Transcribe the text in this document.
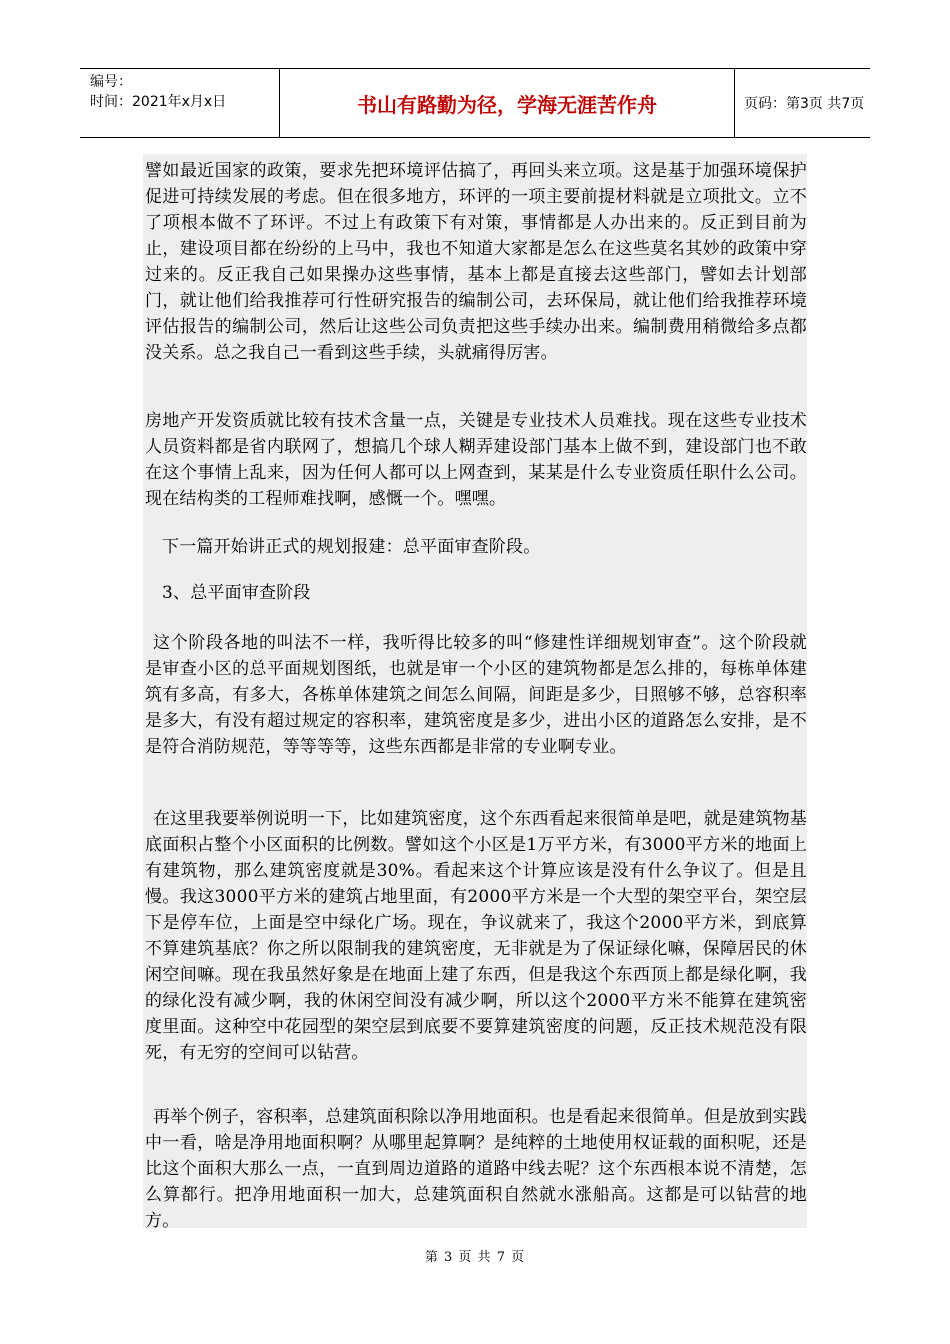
编号：
时间：2021年x月x日	书山有路勤为径，学海无涯苦作舟	页码：第3页 共7页

譬如最近国家的政策，要求先把环境评估搞了，再回头来立项。这是基于加强环境保护促进可持续发展的考虑。但在很多地方，环评的一项主要前提材料就是立项批文。立不了项根本做不了环评。不过上有政策下有对策，事情都是人办出来的。反正到目前为止，建设项目都在纷纷的上马中，我也不知道大家都是怎么在这些莫名其妙的政策中穿过来的。反正我自己如果操办这些事情，基本上都是直接去这些部门，譬如去计划部门，就让他们给我推荐可行性研究报告的编制公司，去环保局，就让他们给我推荐环境评估报告的编制公司，然后让这些公司负责把这些手续办出来。编制费用稍微给多点都没关系。总之我自己一看到这些手续，头就痛得厉害。

房地产开发资质就比较有技术含量一点，关键是专业技术人员难找。现在这些专业技术人员资料都是省内联网了，想搞几个球人糊弄建设部门基本上做不到，建设部门也不敢在这个事情上乱来，因为任何人都可以上网查到，某某是什么专业资质任职什么公司。现在结构类的工程师难找啊，感慨一个。嘿嘿。

下一篇开始讲正式的规划报建：总平面审查阶段。

3、总平面审查阶段

这个阶段各地的叫法不一样，我听得比较多的叫“修建性详细规划审查”。这个阶段就是审查小区的总平面规划图纸，也就是审一个小区的建筑物都是怎么排的，每栋单体建筑有多高，有多大，各栋单体建筑之间怎么间隔，间距是多少，日照够不够，总容积率是多大，有没有超过规定的容积率，建筑密度是多少，进出小区的道路怎么安排，是不是符合消防规范，等等等等，这些东西都是非常的专业啊专业。

在这里我要举例说明一下，比如建筑密度，这个东西看起来很简单是吧，就是建筑物基底面积占整个小区面积的比例数。譬如这个小区是1万平方米，有3000平方米的地面上有建筑物，那么建筑密度就是30%。看起来这个计算应该是没有什么争议了。但是且慢。我这3000平方米的建筑占地里面，有2000平方米是一个大型的架空平台，架空层下是停车位，上面是空中绿化广场。现在，争议就来了，我这个2000平方米，到底算不算建筑基底？你之所以限制我的建筑密度，无非就是为了保证绿化嘛，保障居民的休闲空间嘛。现在我虽然好象是在地面上建了东西，但是我这个东西顶上都是绿化啊，我的绿化没有减少啊，我的休闲空间没有减少啊，所以这个2000平方米不能算在建筑密度里面。这种空中花园型的架空层到底要不要算建筑密度的问题，反正技术规范没有限死，有无穷的空间可以钻营。

再举个例子，容积率，总建筑面积除以净用地面积。也是看起来很简单。但是放到实践中一看，啥是净用地面积啊？从哪里起算啊？是纯粹的土地使用权证载的面积呢，还是比这个面积大那么一点，一直到周边道路的道路中线去呢？这个东西根本说不清楚，怎么算都行。把净用地面积一加大，总建筑面积自然就水涨船高。这都是可以钻营的地方。

第 3 页 共 7 页
